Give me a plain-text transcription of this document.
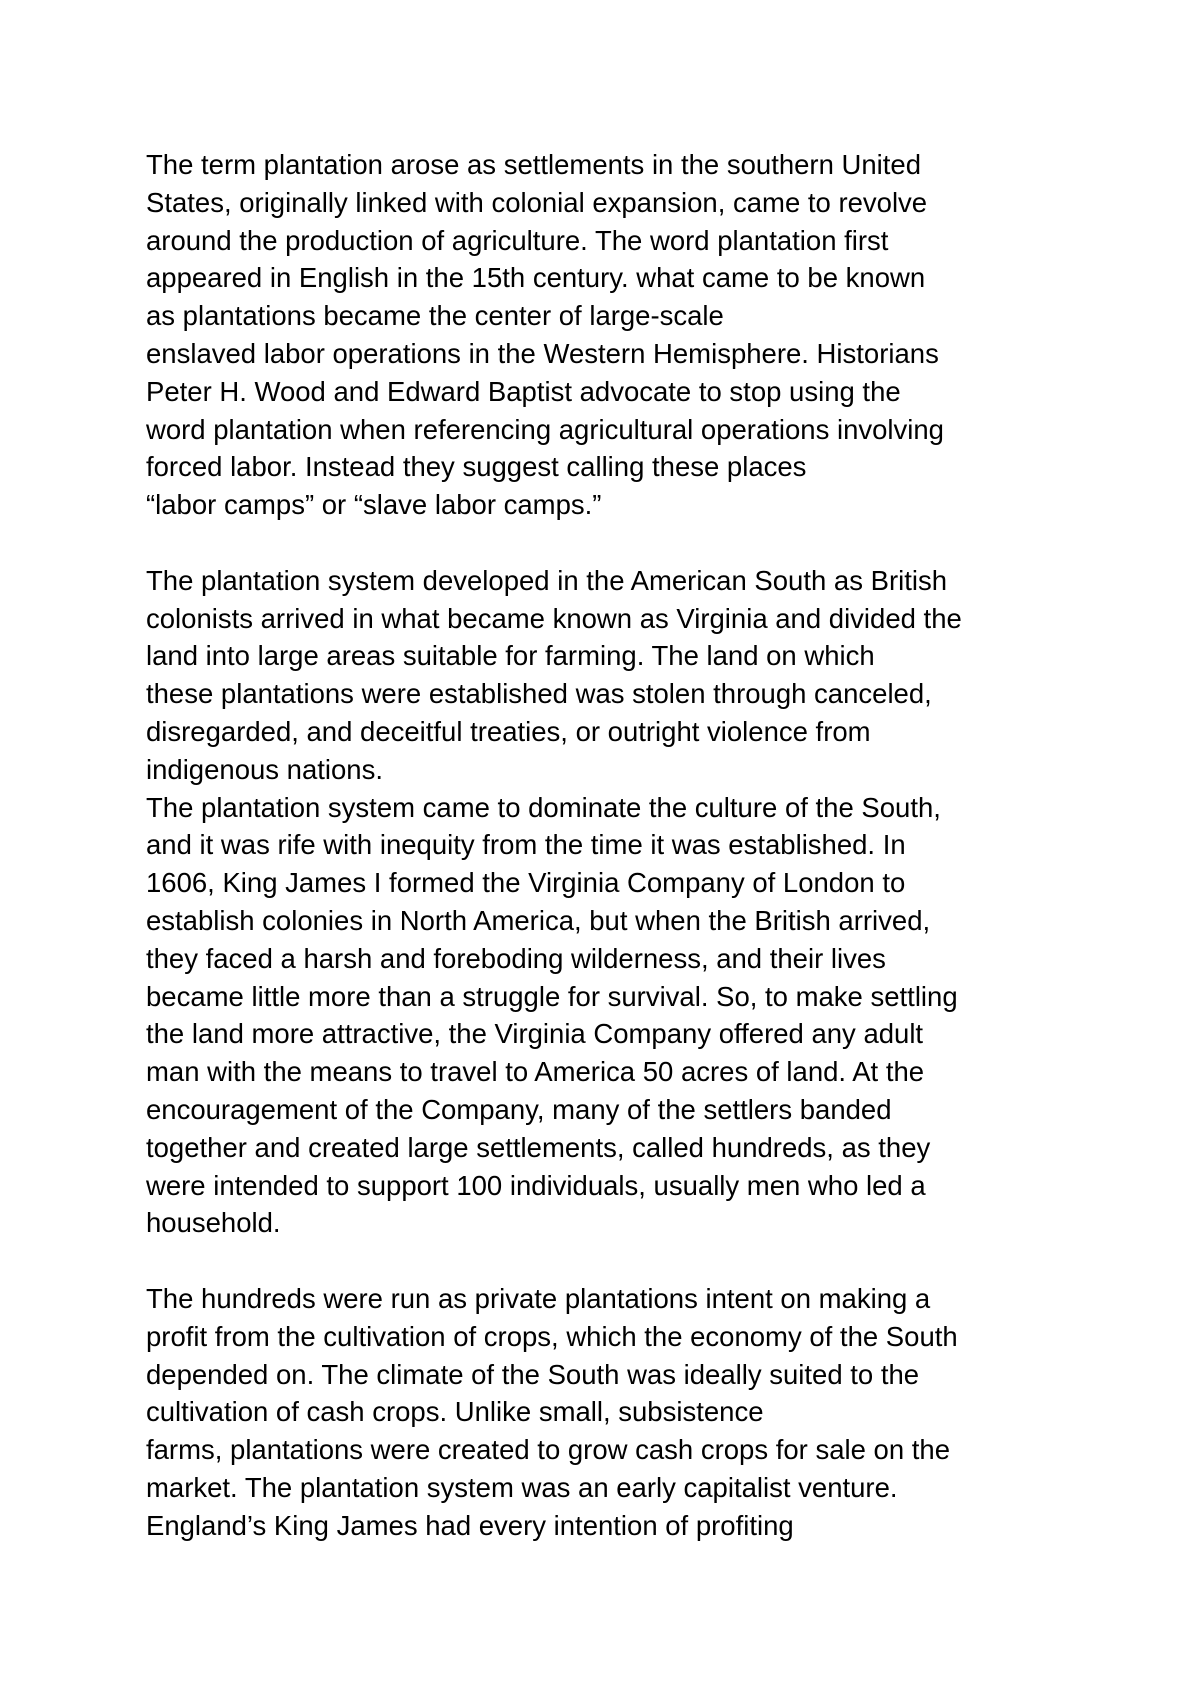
The term plantation arose as settlements in the southern United
States, originally linked with colonial expansion, came to revolve
around the production of agriculture. The word plantation first
appeared in English in the 15th century. what came to be known
as plantations became the center of large-scale
enslaved labor operations in the Western Hemisphere. Historians
Peter H. Wood and Edward Baptist advocate to stop using the
word plantation when referencing agricultural operations involving
forced labor. Instead they suggest calling these places
“labor camps” or “slave labor camps.”
The plantation system developed in the American South as British
colonists arrived in what became known as Virginia and divided the
land into large areas suitable for farming. The land on which
these plantations were established was stolen through canceled,
disregarded, and deceitful treaties, or outright violence from
indigenous nations.
The plantation system came to dominate the culture of the South,
and it was rife with inequity from the time it was established. In
1606, King James I formed the Virginia Company of London to
establish colonies in North America, but when the British arrived,
they faced a harsh and foreboding wilderness, and their lives
became little more than a struggle for survival. So, to make settling
the land more attractive, the Virginia Company offered any adult
man with the means to travel to America 50 acres of land. At the
encouragement of the Company, many of the settlers banded
together and created large settlements, called hundreds, as they
were intended to support 100 individuals, usually men who led a
household.
The hundreds were run as private plantations intent on making a
profit from the cultivation of crops, which the economy of the South
depended on. The climate of the South was ideally suited to the
cultivation of cash crops. Unlike small, subsistence
farms, plantations were created to grow cash crops for sale on the
market. The plantation system was an early capitalist venture.
England’s King James had every intention of profiting
